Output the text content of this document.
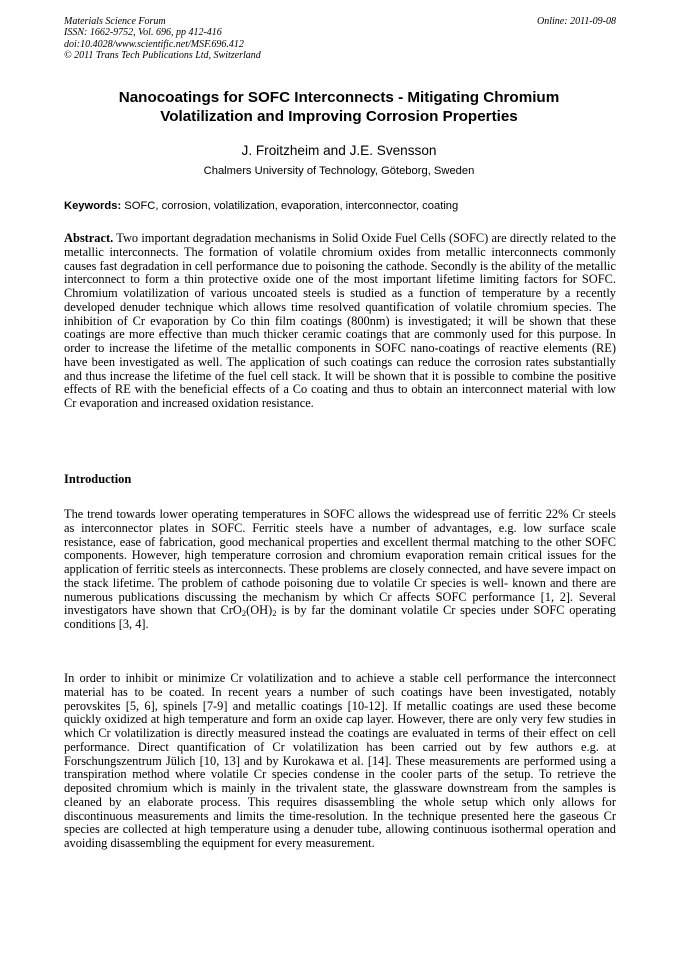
Materials Science Forum
ISSN: 1662-9752, Vol. 696, pp 412-416
doi:10.4028/www.scientific.net/MSF.696.412
© 2011 Trans Tech Publications Ltd, Switzerland
Online: 2011-09-08
Nanocoatings for SOFC Interconnects - Mitigating Chromium
Volatilization and Improving Corrosion Properties
J. Froitzheim and J.E. Svensson
Chalmers University of Technology, Göteborg, Sweden
Keywords: SOFC, corrosion, volatilization, evaporation, interconnector, coating
Abstract. Two important degradation mechanisms in Solid Oxide Fuel Cells (SOFC) are directly related to the metallic interconnects. The formation of volatile chromium oxides from metallic interconnects commonly causes fast degradation in cell performance due to poisoning the cathode. Secondly is the ability of the metallic interconnect to form a thin protective oxide one of the most important lifetime limiting factors for SOFC. Chromium volatilization of various uncoated steels is studied as a function of temperature by a recently developed denuder technique which allows time resolved quantification of volatile chromium species. The inhibition of Cr evaporation by Co thin film coatings (800nm) is investigated; it will be shown that these coatings are more effective than much thicker ceramic coatings that are commonly used for this purpose. In order to increase the lifetime of the metallic components in SOFC nano-coatings of reactive elements (RE) have been investigated as well. The application of such coatings can reduce the corrosion rates substantially and thus increase the lifetime of the fuel cell stack. It will be shown that it is possible to combine the positive effects of RE with the beneficial effects of a Co coating and thus to obtain an interconnect material with low Cr evaporation and increased oxidation resistance.
Introduction
The trend towards lower operating temperatures in SOFC allows the widespread use of ferritic 22% Cr steels as interconnector plates in SOFC. Ferritic steels have a number of advantages, e.g. low surface scale resistance, ease of fabrication, good mechanical properties and excellent thermal matching to the other SOFC components. However, high temperature corrosion and chromium evaporation remain critical issues for the application of ferritic steels as interconnects. These problems are closely connected, and have severe impact on the stack lifetime. The problem of cathode poisoning due to volatile Cr species is well- known and there are numerous publications discussing the mechanism by which Cr affects SOFC performance [1, 2]. Several investigators have shown that $CrO_2(OH)_2$ is by far the dominant volatile Cr species under SOFC operating conditions [3, 4].
In order to inhibit or minimize Cr volatilization and to achieve a stable cell performance the interconnect material has to be coated. In recent years a number of such coatings have been investigated, notably perovskites [5, 6], spinels [7-9] and metallic coatings [10-12]. If metallic coatings are used these become quickly oxidized at high temperature and form an oxide cap layer. However, there are only very few studies in which Cr volatilization is directly measured instead the coatings are evaluated in terms of their effect on cell performance. Direct quantification of Cr volatilization has been carried out by few authors e.g. at Forschungszentrum Jülich [10, 13] and by Kurokawa et al. [14]. These measurements are performed using a transpiration method where volatile Cr species condense in the cooler parts of the setup. To retrieve the deposited chromium which is mainly in the trivalent state, the glassware downstream from the samples is cleaned by an elaborate process. This requires disassembling the whole setup which only allows for discontinuous measurements and limits the time-resolution. In the technique presented here the gaseous Cr species are collected at high temperature using a denuder tube, allowing continuous isothermal operation and avoiding disassembling the equipment for every measurement.
